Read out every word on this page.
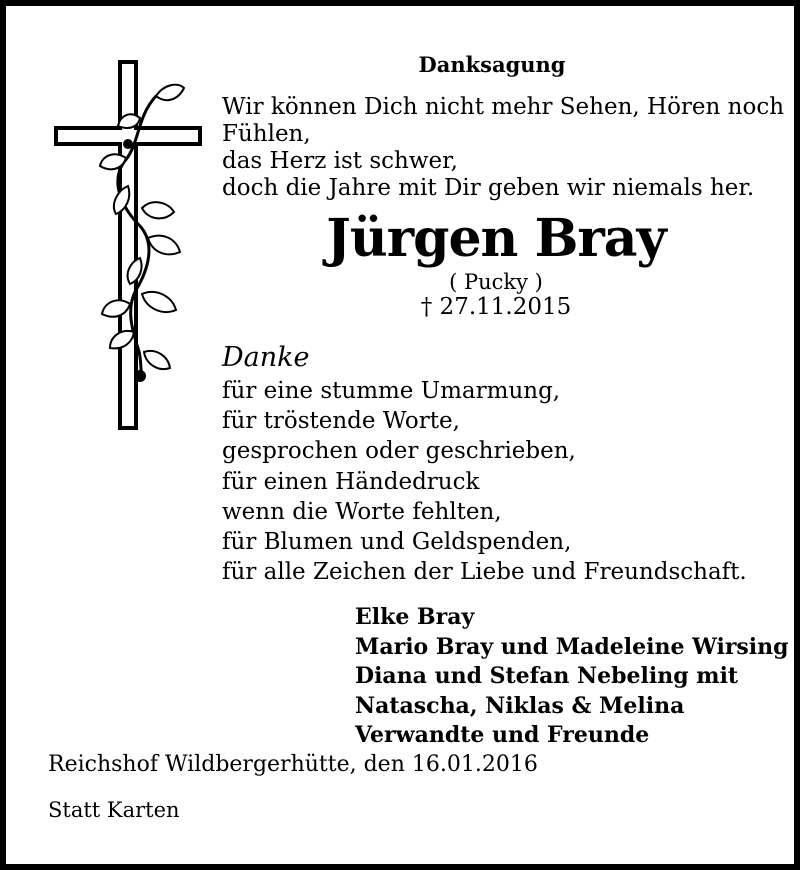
Danksagung
Wir können Dich nicht mehr Sehen, Hören noch
Fühlen,
das Herz ist schwer,
doch die Jahre mit Dir geben wir niemals her.
Jürgen Bray
( Pucky )
† 27.11.2015
Danke
für eine stumme Umarmung,
für tröstende Worte,
gesprochen oder geschrieben,
für einen Händedruck
wenn die Worte fehlten,
für Blumen und Geldspenden,
für alle Zeichen der Liebe und Freundschaft.
Elke Bray
Mario Bray und Madeleine Wirsing
Diana und Stefan Nebeling mit
Natascha, Niklas & Melina
Verwandte und Freunde
Reichshof Wildbergerhütte, den 16.01.2016
Statt Karten
